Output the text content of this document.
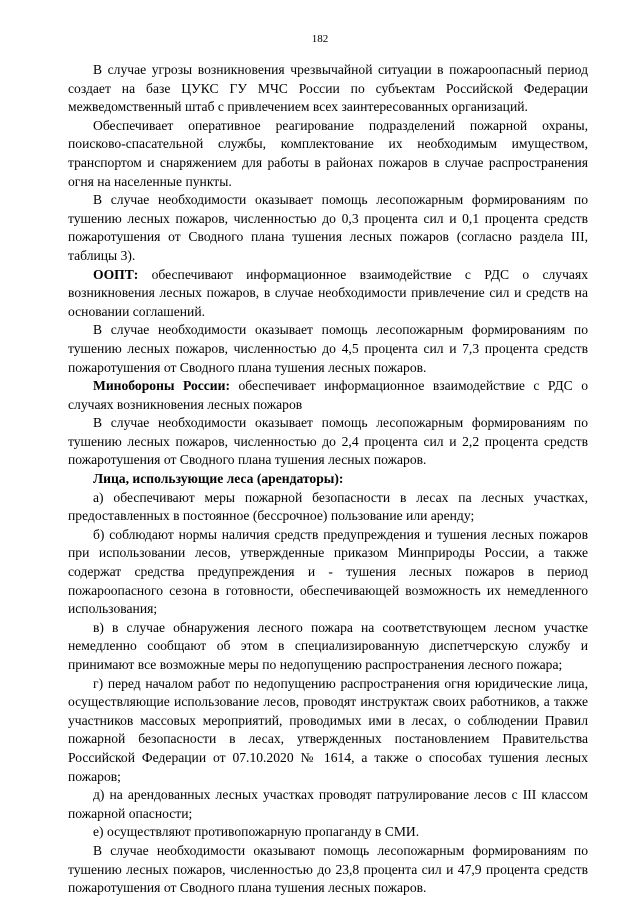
182

В случае угрозы возникновения чрезвычайной ситуации в пожароопасный период создает на базе ЦУКС ГУ МЧС России по субъектам Российской Федерации межведомственный штаб с привлечением всех заинтересованных организаций.

Обеспечивает оперативное реагирование подразделений пожарной охраны, поисково-спасательной службы, комплектование их необходимым имуществом, транспортом и снаряжением для работы в районах пожаров в случае распространения огня на населенные пункты.

В случае необходимости оказывает помощь лесопожарным формированиям по тушению лесных пожаров, численностью до 0,3 процента сил и 0,1 процента средств пожаротушения от Сводного плана тушения лесных пожаров (согласно раздела III, таблицы 3).

ООПТ: обеспечивают информационное взаимодействие с РДС о случаях возникновения лесных пожаров, в случае необходимости привлечение сил и средств на основании соглашений.

В случае необходимости оказывает помощь лесопожарным формированиям по тушению лесных пожаров, численностью до 4,5 процента сил и 7,3 процента средств пожаротушения от Сводного плана тушения лесных пожаров.

Минобороны России: обеспечивает информационное взаимодействие с РДС о случаях возникновения лесных пожаров

В случае необходимости оказывает помощь лесопожарным формированиям по тушению лесных пожаров, численностью до 2,4 процента сил и 2,2 процента средств пожаротушения от Сводного плана тушения лесных пожаров.

Лица, использующие леса (арендаторы):

а) обеспечивают меры пожарной безопасности в лесах па лесных участках, предоставленных в постоянное (бессрочное) пользование или аренду;

б) соблюдают нормы наличия средств предупреждения и тушения лесных пожаров при использовании лесов, утвержденные приказом Минприроды России, а также содержат средства предупреждения и - тушения лесных пожаров в период пожароопасного сезона в готовности, обеспечивающей возможность их немедленного использования;

в) в случае обнаружения лесного пожара на соответствующем лесном участке немедленно сообщают об этом в специализированную диспетчерскую службу и принимают все возможные меры по недопущению распространения лесного пожара;

г) перед началом работ по недопущению распространения огня юридические лица, осуществляющие использование лесов, проводят инструктаж своих работников, а также участников массовых мероприятий, проводимых ими в лесах, о соблюдении Правил пожарной безопасности в лесах, утвержденных постановлением Правительства Российской Федерации от 07.10.2020 № 1614, а также о способах тушения лесных пожаров;

д) на арендованных лесных участках проводят патрулирование лесов с III классом пожарной опасности;

е) осуществляют противопожарную пропаганду в СМИ.

В случае необходимости оказывают помощь лесопожарным формированиям по тушению лесных пожаров, численностью до 23,8 процента сил и 47,9 процента средств пожаротушения от Сводного плана тушения лесных пожаров.
